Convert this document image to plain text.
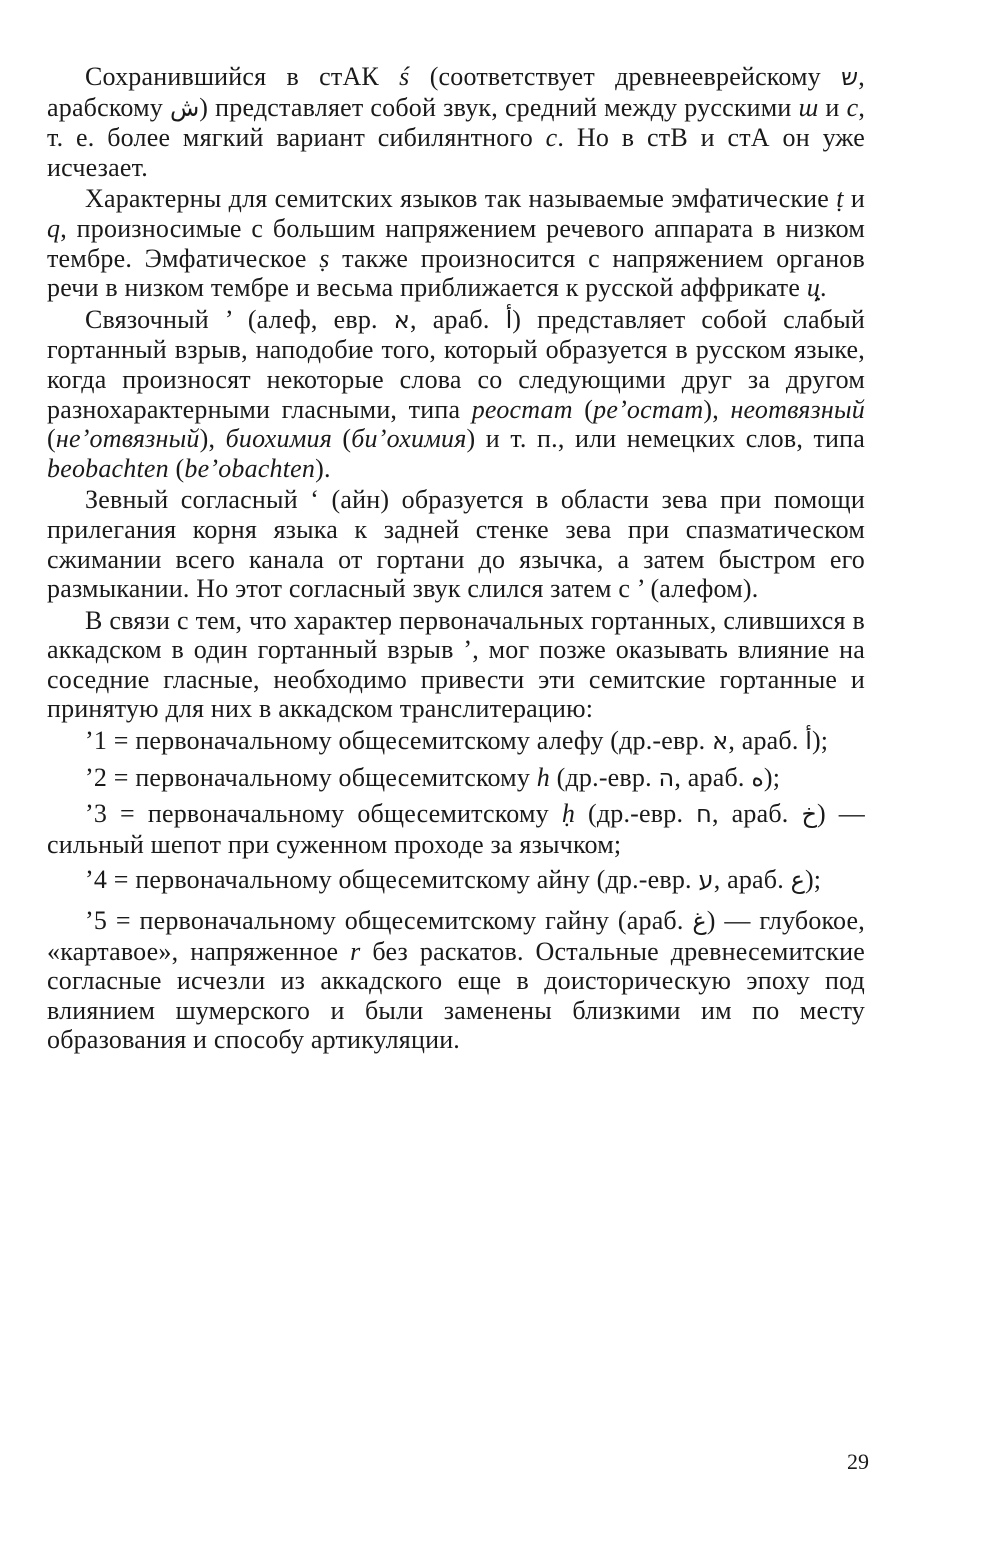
Сохранившийся в стАК ś (соответствует древнееврейскому ש, арабскому ش) представляет собой звук, средний между русскими ш и с, т. е. более мягкий вариант сибилянтного с. Но в стВ и стА он уже исчезает.

Характерны для семитских языков так называемые эмфатические ṭ и q, произносимые с большим напряжением речевого аппарата в низком тембре. Эмфатическое ṣ также произносится с напряжением органов речи в низком тембре и весьма приближается к русской аффрикате ц̣.

Связочный ’ (алеф, евр. א, араб. أ) представляет собой слабый гортанный взрыв, наподобие того, который образуется в русском языке, когда произносят некоторые слова со следующими друг за другом разнохарактерными гласными, типа реостат (ре’остат), неотвязный (не’отвязный), биохимия (би’охимия) и т. п., или немецких слов, типа beobachten (be’obachten).

Зевный согласный ‘ (айн) образуется в области зева при помощи прилегания корня языка к задней стенке зева при спазматическом сжимании всего канала от гортани до язычка, а затем быстром его размыкании. Но этот согласный звук слился затем с ’ (алефом).

В связи с тем, что характер первоначальных гортанных, слившихся в аккадском в один гортанный взрыв ’, мог позже оказывать влияние на соседние гласные, необходимо привести эти семитские гортанные и принятую для них в аккадском транслитерацию:

’1 = первоначальному общесемитскому алефу (др.-евр. א, араб. أ);

’2 = первоначальному общесемитскому h (др.-евр. ה, араб. ه);

’3 = первоначальному общесемитскому ḥ (др.-евр. ח, араб. خ) — сильный шепот при суженном проходе за язычком;

’4 = первоначальному общесемитскому айну (др.-евр. ע, араб. ع);

’5 = первоначальному общесемитскому гайну (араб. غ) — глубокое, «картавое», напряженное r без раскатов. Остальные древнесемитские согласные исчезли из аккадского еще в доисторическую эпоху под влиянием шумерского и были заменены близкими им по месту образования и способу артикуляции.

29
